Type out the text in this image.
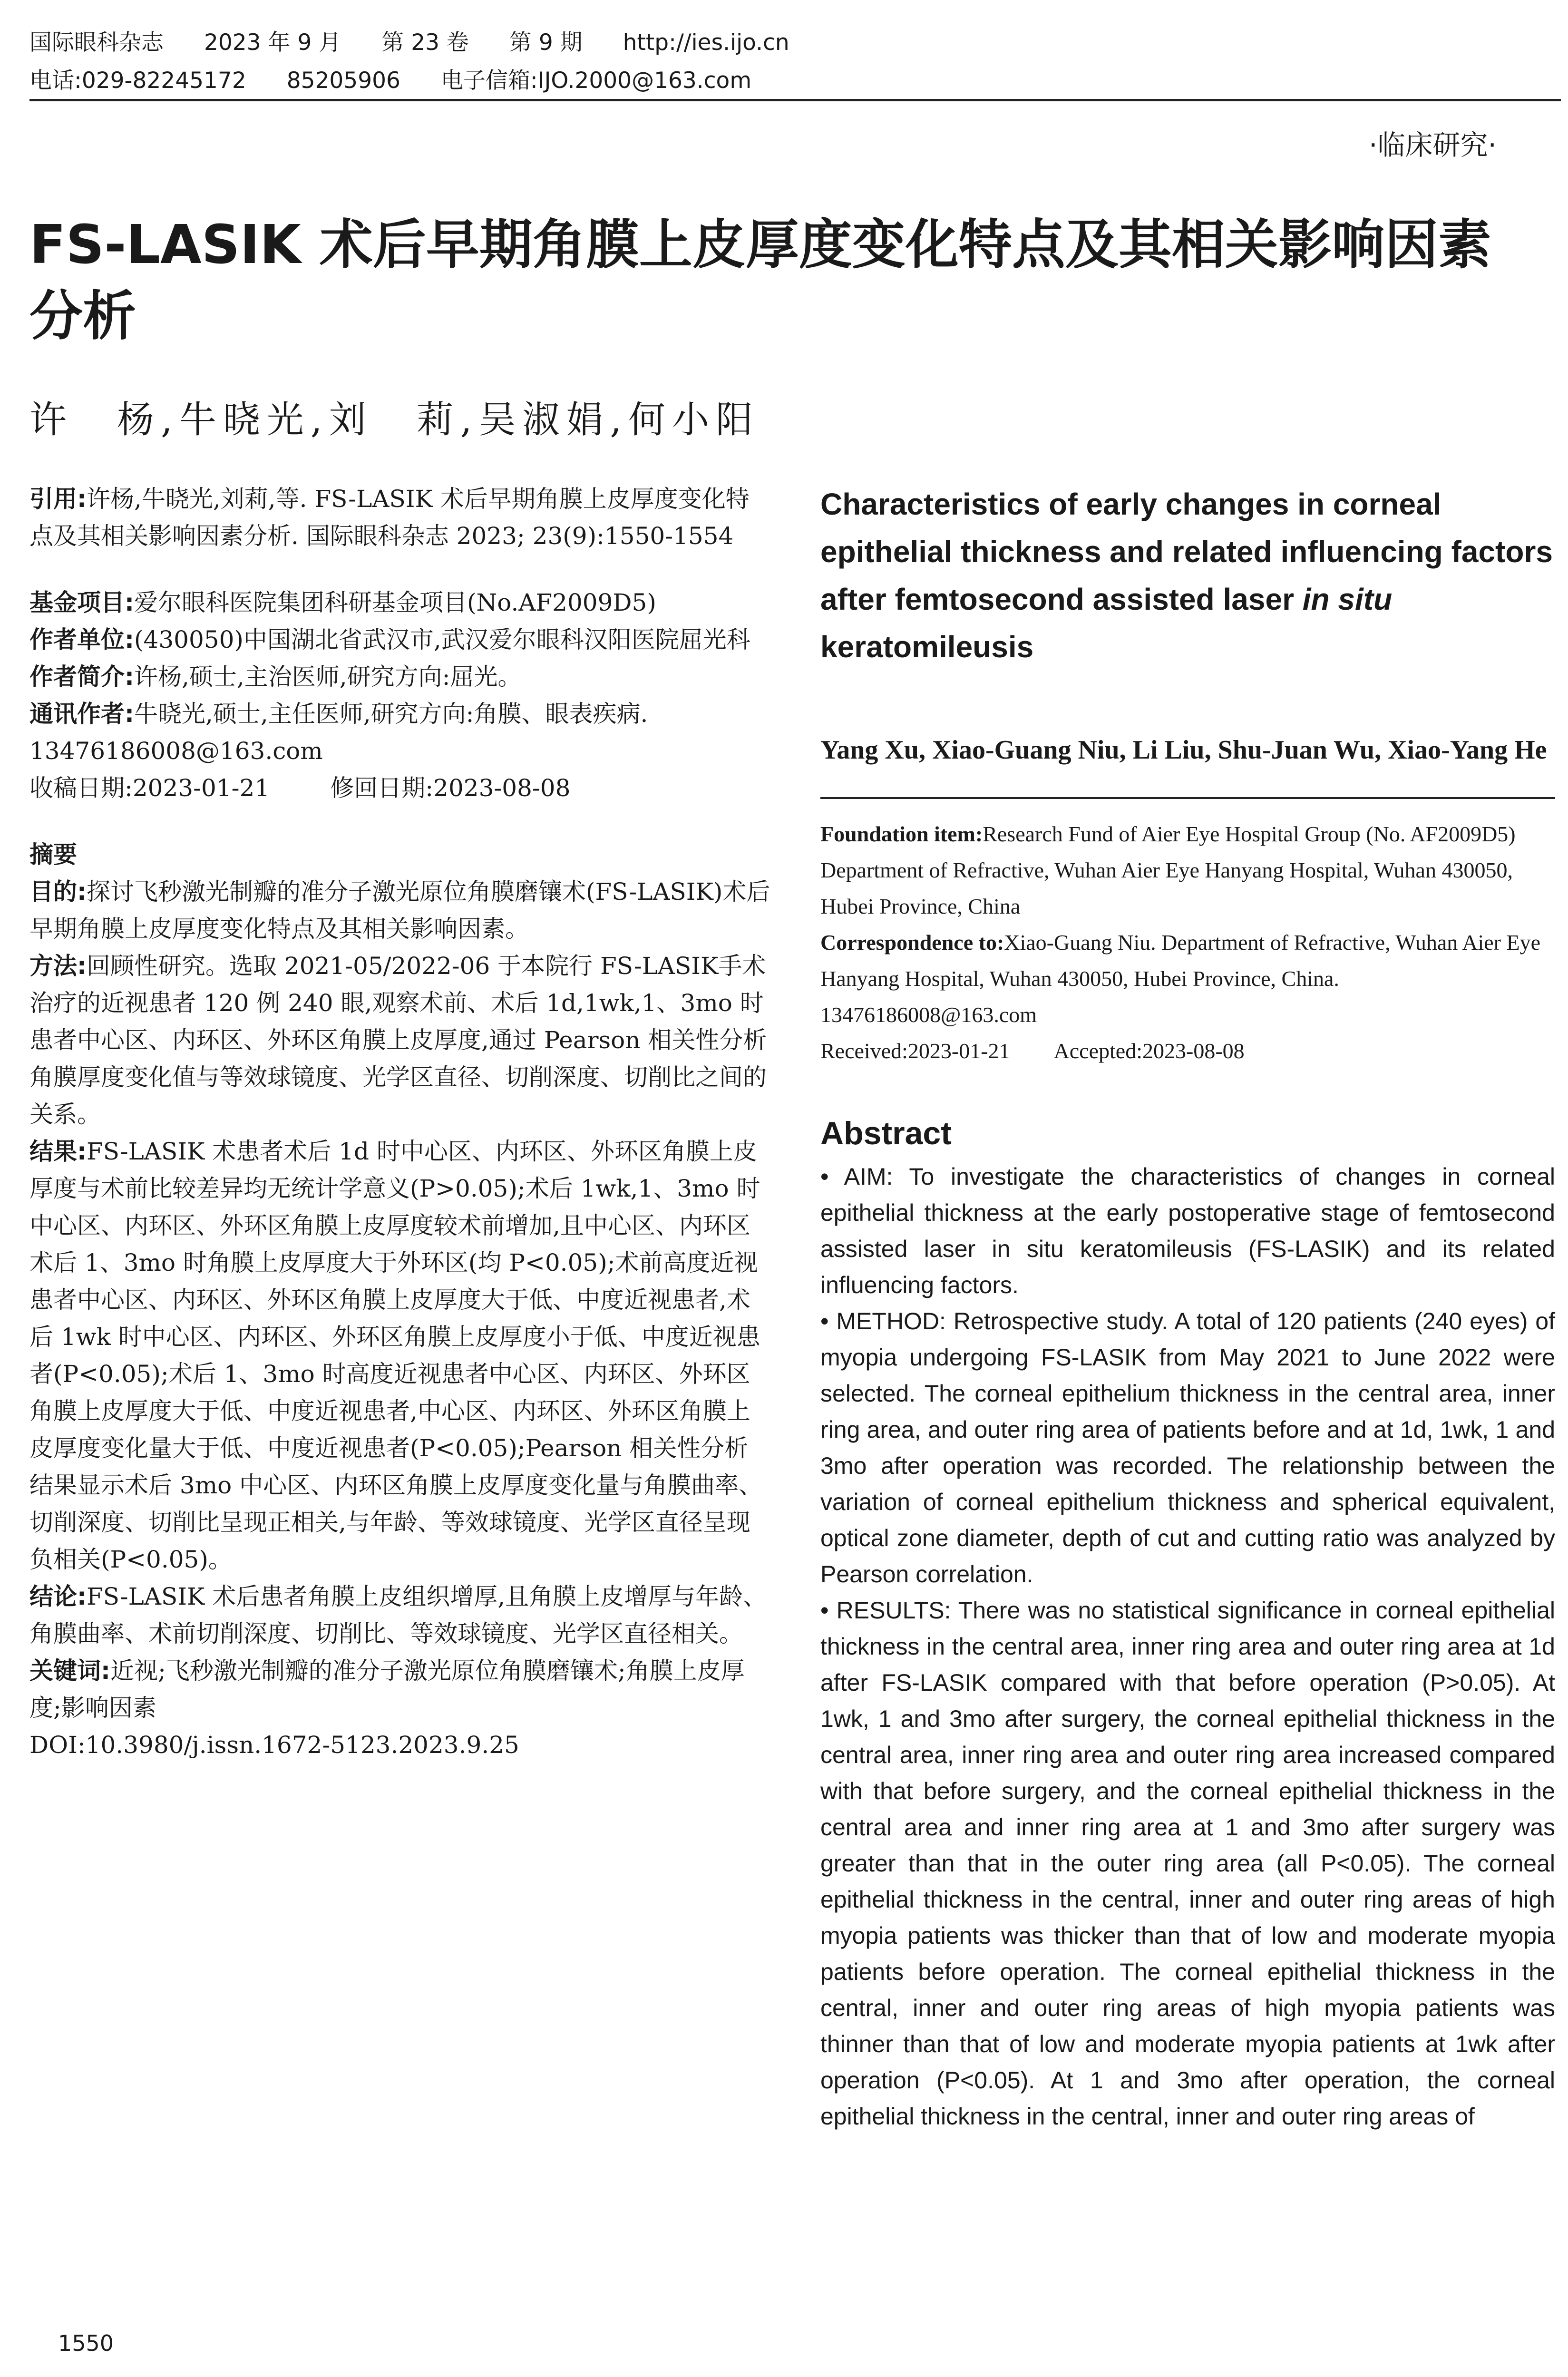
国际眼科杂志 2023 年 9 月 第 23 卷 第 9 期 http://ies.ijo.cn
电话:029-82245172 85205906 电子信箱:IJO.2000@163.com
·临床研究·
FS-LASIK 术后早期角膜上皮厚度变化特点及其相关影响因素分析
许　杨,牛晓光,刘　莉,吴淑娟,何小阳

引用:许杨,牛晓光,刘莉,等. FS-LASIK 术后早期角膜上皮厚度变化特点及其相关影响因素分析. 国际眼科杂志 2023; 23(9):1550-1554

基金项目:爱尔眼科医院集团科研基金项目(No.AF2009D5)

作者单位:(430050)中国湖北省武汉市,武汉爱尔眼科汉阳医院屈光科

作者简介:许杨,硕士,主治医师,研究方向:屈光。

通讯作者:牛晓光,硕士,主任医师,研究方向:角膜、眼表疾病. 13476186008@163.com

收稿日期:2023-01-21	修回日期:2023-08-08

摘要

目的:探讨飞秒激光制瓣的准分子激光原位角膜磨镶术(FS-LASIK)术后早期角膜上皮厚度变化特点及其相关影响因素。

方法:回顾性研究。选取 2021-05/2022-06 于本院行 FS-LASIK手术治疗的近视患者 120 例 240 眼,观察术前、术后 1d,1wk,1、3mo 时患者中心区、内环区、外环区角膜上皮厚度,通过 Pearson 相关性分析角膜厚度变化值与等效球镜度、光学区直径、切削深度、切削比之间的关系。

结果:FS-LASIK 术患者术后 1d 时中心区、内环区、外环区角膜上皮厚度与术前比较差异均无统计学意义(P>0.05);术后 1wk,1、3mo 时中心区、内环区、外环区角膜上皮厚度较术前增加,且中心区、内环区术后 1、3mo 时角膜上皮厚度大于外环区(均 P<0.05);术前高度近视患者中心区、内环区、外环区角膜上皮厚度大于低、中度近视患者,术后 1wk 时中心区、内环区、外环区角膜上皮厚度小于低、中度近视患者(P<0.05);术后 1、3mo 时高度近视患者中心区、内环区、外环区角膜上皮厚度大于低、中度近视患者,中心区、内环区、外环区角膜上皮厚度变化量大于低、中度近视患者(P<0.05);Pearson 相关性分析结果显示术后 3mo 中心区、内环区角膜上皮厚度变化量与角膜曲率、切削深度、切削比呈现正相关,与年龄、等效球镜度、光学区直径呈现负相关(P<0.05)。

结论:FS-LASIK 术后患者角膜上皮组织增厚,且角膜上皮增厚与年龄、角膜曲率、术前切削深度、切削比、等效球镜度、光学区直径相关。

关键词:近视;飞秒激光制瓣的准分子激光原位角膜磨镶术;角膜上皮厚度;影响因素

DOI:10.3980/j.issn.1672-5123.2023.9.25

Characteristics of early changes in corneal epithelial thickness and related influencing factors after femtosecond assisted laser in situ keratomileusis

Yang Xu, Xiao-Guang Niu, Li Liu, Shu-Juan Wu, Xiao-Yang He

Foundation item:Research Fund of Aier Eye Hospital Group (No. AF2009D5)

Department of Refractive, Wuhan Aier Eye Hanyang Hospital, Wuhan 430050, Hubei Province, China

Correspondence to:Xiao-Guang Niu. Department of Refractive, Wuhan Aier Eye Hanyang Hospital, Wuhan 430050, Hubei Province, China. 13476186008@163.com

Received:2023-01-21 Accepted:2023-08-08

Abstract

• AIM: To investigate the characteristics of changes in corneal epithelial thickness at the early postoperative stage of femtosecond assisted laser in situ keratomileusis (FS-LASIK) and its related influencing factors.

• METHOD: Retrospective study. A total of 120 patients (240 eyes) of myopia undergoing FS-LASIK from May 2021 to June 2022 were selected. The corneal epithelium thickness in the central area, inner ring area, and outer ring area of patients before and at 1d, 1wk, 1 and 3mo after operation was recorded. The relationship between the variation of corneal epithelium thickness and spherical equivalent, optical zone diameter, depth of cut and cutting ratio was analyzed by Pearson correlation.

• RESULTS: There was no statistical significance in corneal epithelial thickness in the central area, inner ring area and outer ring area at 1d after FS-LASIK compared with that before operation (P>0.05). At 1wk, 1 and 3mo after surgery, the corneal epithelial thickness in the central area, inner ring area and outer ring area increased compared with that before surgery, and the corneal epithelial thickness in the central area and inner ring area at 1 and 3mo after surgery was greater than that in the outer ring area (all P<0.05). The corneal epithelial thickness in the central, inner and outer ring areas of high myopia patients was thicker than that of low and moderate myopia patients before operation. The corneal epithelial thickness in the central, inner and outer ring areas of high myopia patients was thinner than that of low and moderate myopia patients at 1wk after operation (P<0.05). At 1 and 3mo after operation, the corneal epithelial thickness in the central, inner and outer ring areas of

1550
